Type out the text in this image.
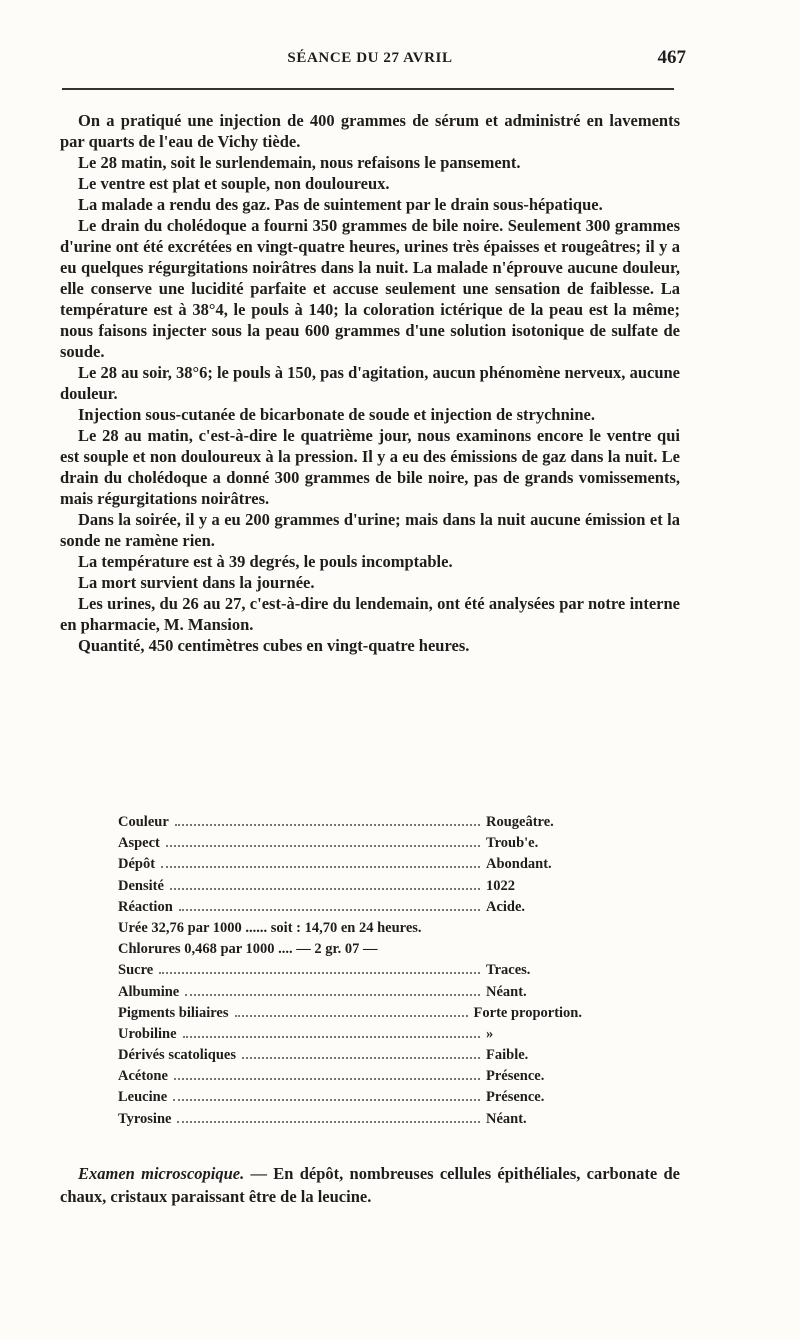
SÉANCE DU 27 AVRIL	467

On a pratiqué une injection de 400 grammes de sérum et administré en lavements par quarts de l'eau de Vichy tiède.

Le 28 matin, soit le surlendemain, nous refaisons le pansement.

Le ventre est plat et souple, non douloureux.

La malade a rendu des gaz. Pas de suintement par le drain sous-hépatique.

Le drain du cholédoque a fourni 350 grammes de bile noire. Seulement 300 grammes d'urine ont été excrétées en vingt-quatre heures, urines très épaisses et rougeâtres; il y a eu quelques régurgitations noirâtres dans la nuit. La malade n'éprouve aucune douleur, elle conserve une lucidité parfaite et accuse seulement une sensation de faiblesse. La température est à 38°4, le pouls à 140; la coloration ictérique de la peau est la même; nous faisons injecter sous la peau 600 grammes d'une solution isotonique de sulfate de soude.

Le 28 au soir, 38°6; le pouls à 150, pas d'agitation, aucun phénomène nerveux, aucune douleur.

Injection sous-cutanée de bicarbonate de soude et injection de strychnine.

Le 28 au matin, c'est-à-dire le quatrième jour, nous examinons encore le ventre qui est souple et non douloureux à la pression. Il y a eu des émissions de gaz dans la nuit. Le drain du cholédoque a donné 300 grammes de bile noire, pas de grands vomissements, mais régurgitations noirâtres.

Dans la soirée, il y a eu 200 grammes d'urine; mais dans la nuit aucune émission et la sonde ne ramène rien.

La température est à 39 degrés, le pouls incomptable.

La mort survient dans la journée.

Les urines, du 26 au 27, c'est-à-dire du lendemain, ont été analysées par notre interne en pharmacie, M. Mansion.

Quantité, 450 centimètres cubes en vingt-quatre heures.

Couleur	Rougeâtre.
Aspect	Troub'e.
Dépôt	Abondant.
Densité	1022
Réaction	Acide.
Urée 32,76 par 1000 ...... soit : 14,70 en 24 heures.
Chlorures 0,468 par 1000 .... — 2 gr. 07 —
Sucre	Traces.
Albumine	Néant.
Pigments biliaires	Forte proportion.
Urobiline	»
Dérivés scatoliques	Faible.
Acétone	Présence.
Leucine	Présence.
Tyrosine	Néant.

Examen microscopique. — En dépôt, nombreuses cellules épithéliales, carbonate de chaux, cristaux paraissant être de la leucine.
